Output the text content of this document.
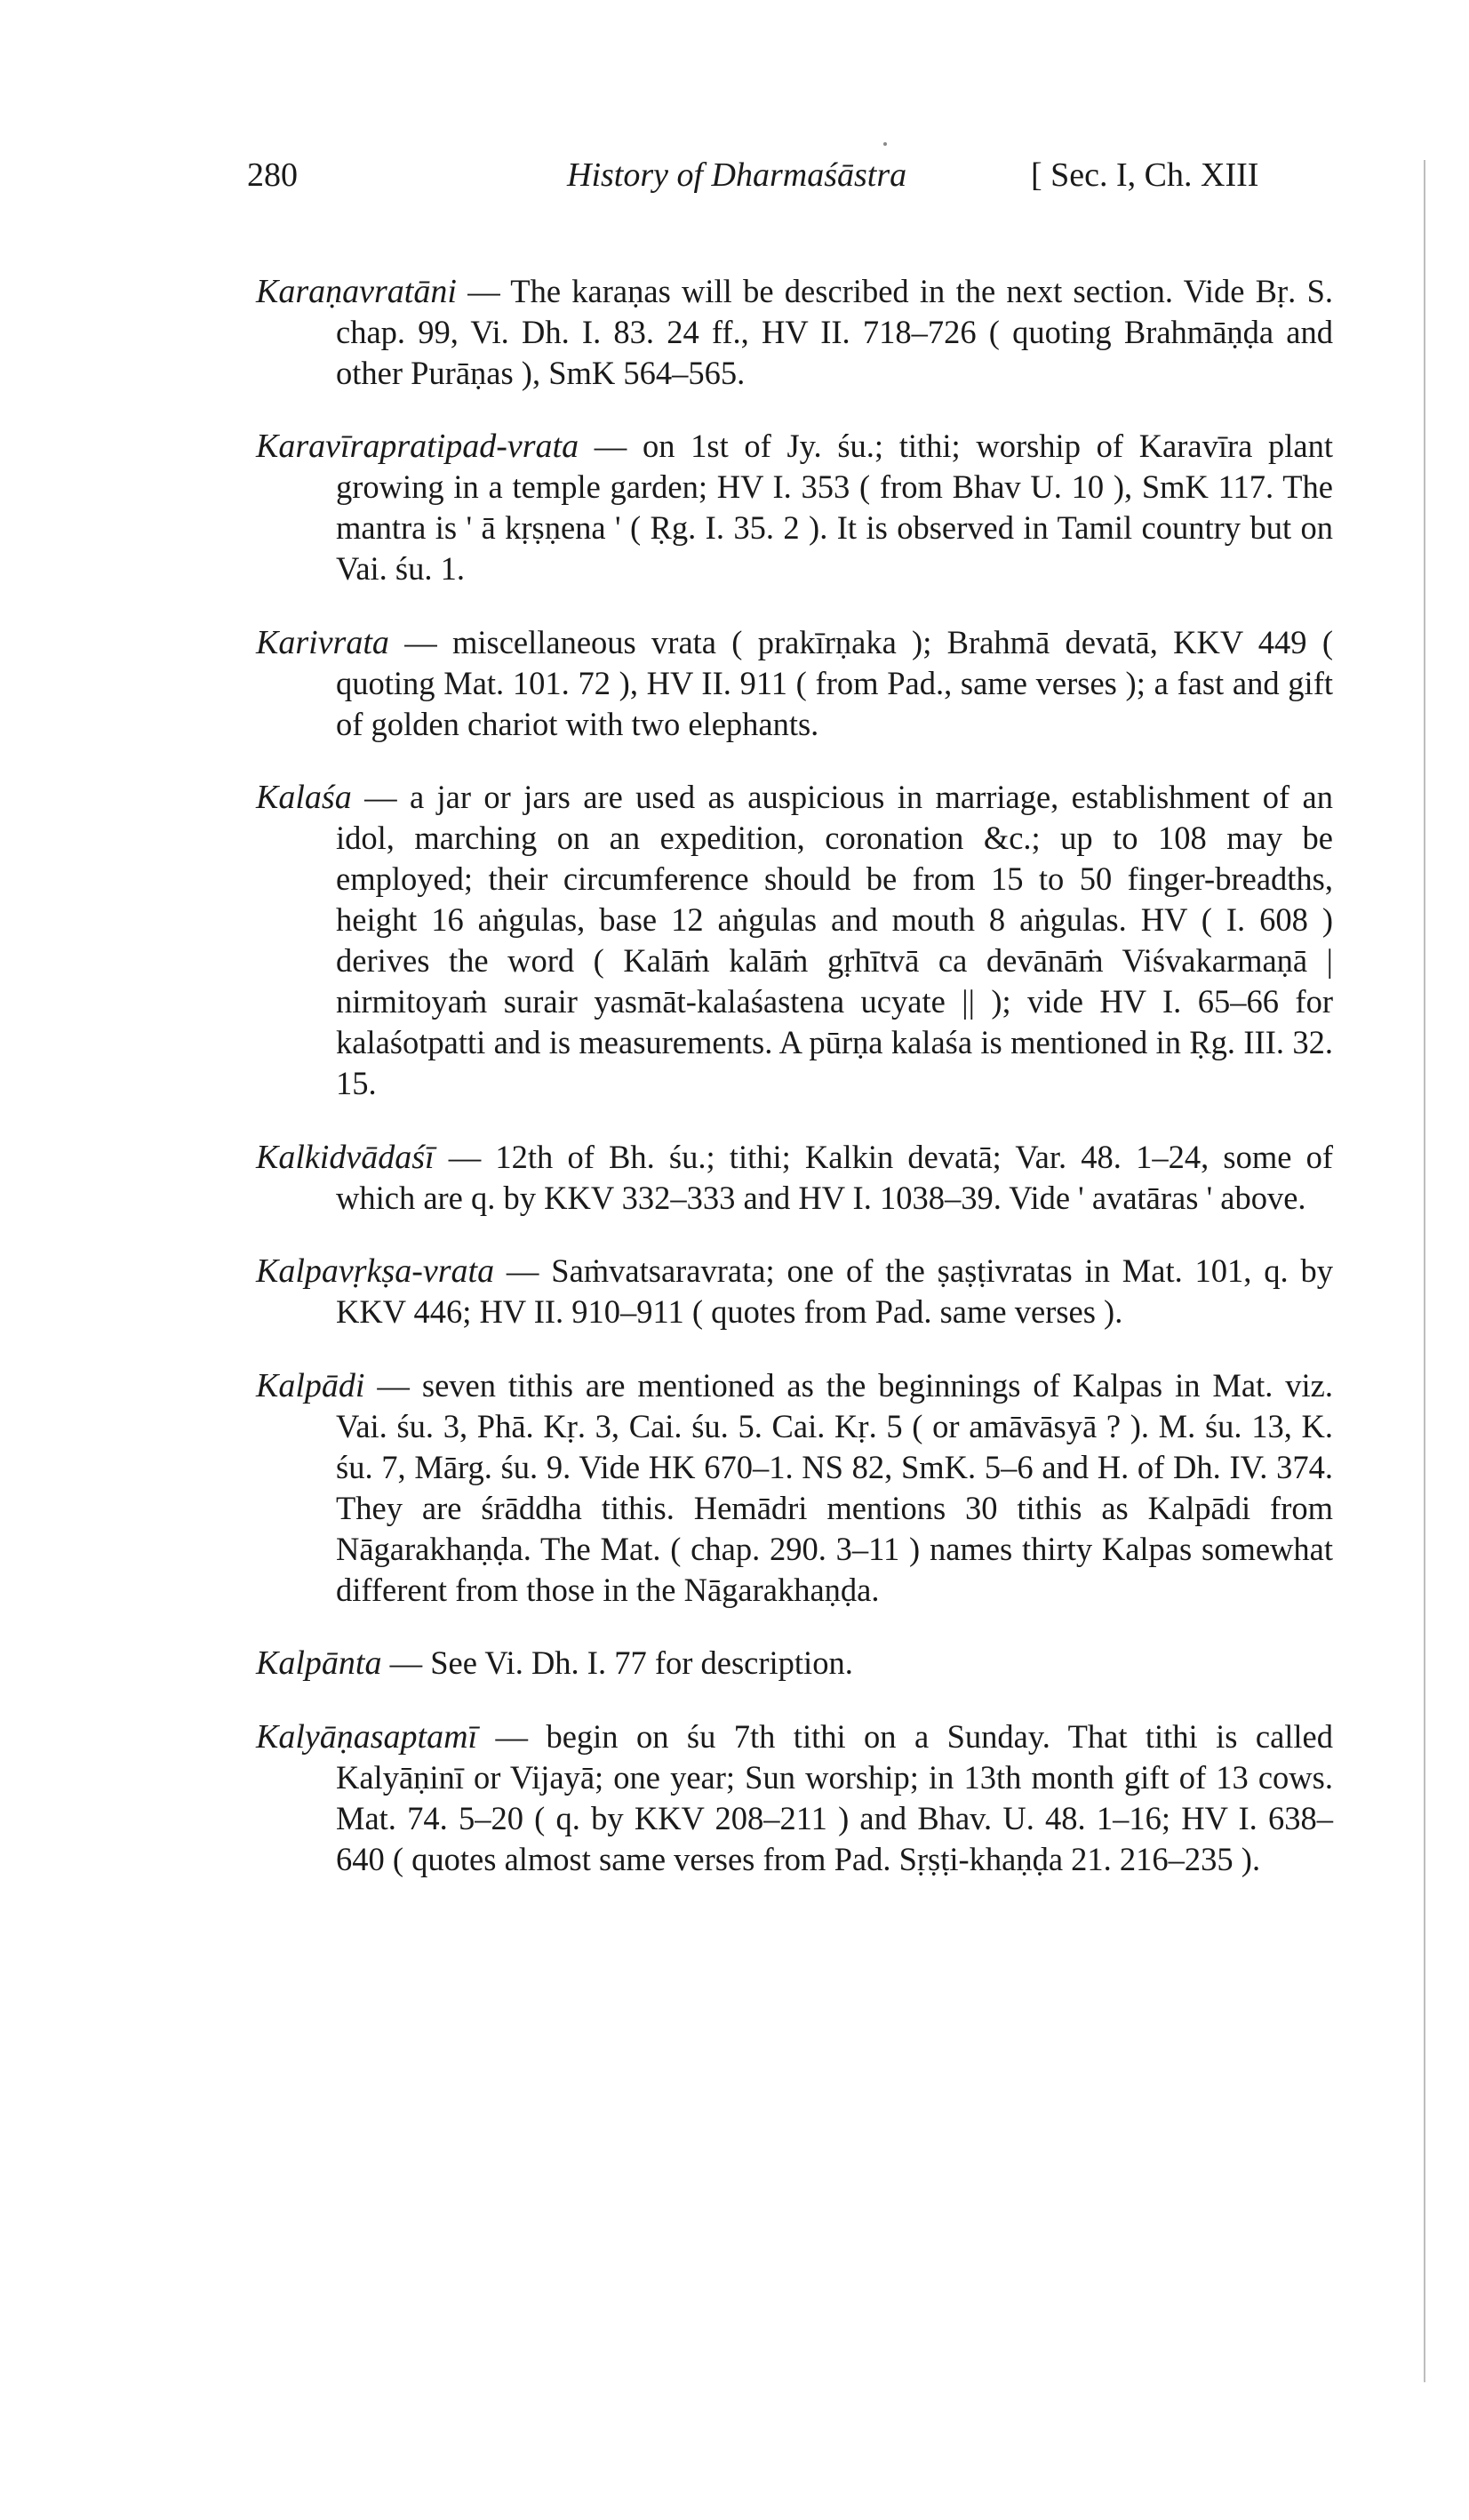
280	History of Dharmaśāstra	[ Sec. I, Ch. XIII

Karaṇavratāni — The karaṇas will be described in the next section. Vide Bṛ. S. chap. 99, Vi. Dh. I. 83. 24 ff., HV II. 718–726 ( quoting Brahmāṇḍa and other Purāṇas ), SmK 564–565.

Karavīrapratipad-vrata — on 1st of Jy. śu.; tithi; worship of Karavīra plant growing in a temple garden; HV I. 353 ( from Bhav U. 10 ), SmK 117. The mantra is ' ā kṛṣṇena ' ( Ṛg. I. 35. 2 ). It is observed in Tamil country but on Vai. śu. 1.

Karivrata — miscellaneous vrata ( prakīrṇaka ); Brahmā devatā, KKV 449 ( quoting Mat. 101. 72 ), HV II. 911 ( from Pad., same verses ); a fast and gift of golden chariot with two elephants.

Kalaśa — a jar or jars are used as auspicious in marriage, establishment of an idol, marching on an expedition, coronation &c.; up to 108 may be employed; their circumference should be from 15 to 50 finger-breadths, height 16 aṅgulas, base 12 aṅgulas and mouth 8 aṅgulas. HV ( I. 608 ) derives the word ( Kalāṁ kalāṁ gṛhītvā ca devānāṁ Viśvakarmaṇā | nirmitoyaṁ surair yasmāt-kalaśastena ucyate || ); vide HV I. 65–66 for kalaśotpatti and is measurements. A pūrṇa kalaśa is mentioned in Ṛg. III. 32. 15.

Kalkidvādaśī — 12th of Bh. śu.; tithi; Kalkin devatā; Var. 48. 1–24, some of which are q. by KKV 332–333 and HV I. 1038–39. Vide ' avatāras ' above.

Kalpavṛkṣa-vrata — Saṁvatsaravrata; one of the ṣaṣṭivratas in Mat. 101, q. by KKV 446; HV II. 910–911 ( quotes from Pad. same verses ).

Kalpādi — seven tithis are mentioned as the beginnings of Kalpas in Mat. viz. Vai. śu. 3, Phā. Kṛ. 3, Cai. śu. 5. Cai. Kṛ. 5 ( or amāvāsyā ? ). M. śu. 13, K. śu. 7, Mārg. śu. 9. Vide HK 670–1. NS 82, SmK. 5–6 and H. of Dh. IV. 374. They are śrāddha tithis. Hemādri mentions 30 tithis as Kalpādi from Nāgarakhaṇḍa. The Mat. ( chap. 290. 3–11 ) names thirty Kalpas somewhat different from those in the Nāgarakhaṇḍa.

Kalpānta — See Vi. Dh. I. 77 for description.

Kalyāṇasaptamī — begin on śu 7th tithi on a Sunday. That tithi is called Kalyāṇinī or Vijayā; one year; Sun worship; in 13th month gift of 13 cows. Mat. 74. 5–20 ( q. by KKV 208–211 ) and Bhav. U. 48. 1–16; HV I. 638–640 ( quotes almost same verses from Pad. Sṛṣṭi-khaṇḍa 21. 216–235 ).
